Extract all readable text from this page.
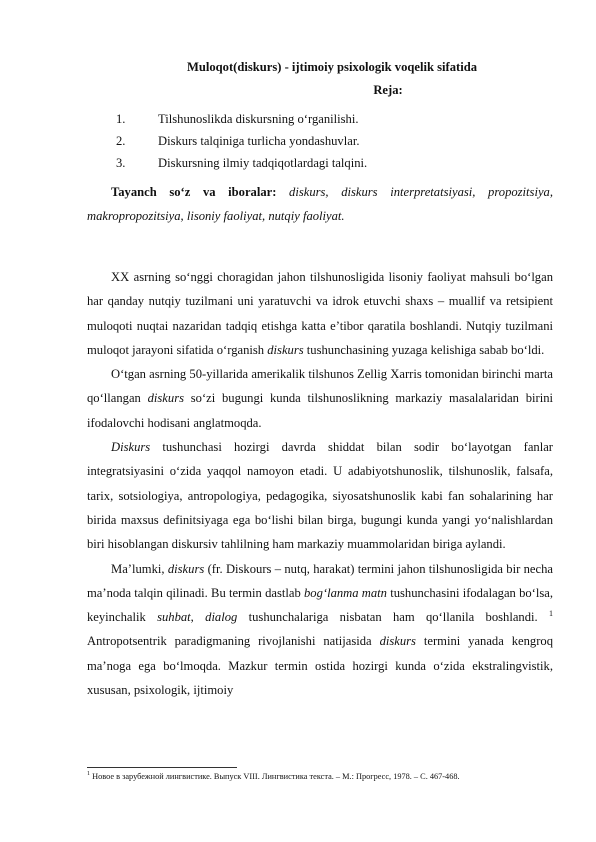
Muloqot(diskurs) - ijtimoiy psixologik voqelik sifatida
Reja:
1.	Tilshunoslikda diskursning oʻrganilishi.
2.	Diskurs talqiniga turlicha yondashuvlar.
3.	Diskursning ilmiy tadqiqotlardagi talqini.

Tayanch so‘z va iboralar: diskurs, diskurs interpretatsiyasi, propozitsiya, makropropozitsiya, lisoniy faoliyat, nutqiy faoliyat.

XX asrning soʻnggi choragidan jahon tilshunosligida lisoniy faoliyat mahsuli boʻlgan har qanday nutqiy tuzilmani uni yaratuvchi va idrok etuvchi shaxs – muallif va retsipient muloqoti nuqtai nazaridan tadqiq etishga katta e’tibor qaratila boshlandi. Nutqiy tuzilmani muloqot jarayoni sifatida oʻrganish diskurs tushunchasining yuzaga kelishiga sabab boʻldi.

Oʻtgan asrning 50-yillarida amerikalik tilshunos Zellig Xarris tomonidan birinchi marta qoʻllangan diskurs soʻzi bugungi kunda tilshunoslikning markaziy masalalaridan birini ifodalovchi hodisani anglatmoqda.

Diskurs tushunchasi hozirgi davrda shiddat bilan sodir boʻlayotgan fanlar integratsiyasini oʻzida yaqqol namoyon etadi. U adabiyotshunoslik, tilshunoslik, falsafa, tarix, sotsiologiya, antropologiya, pedagogika, siyosatshunoslik kabi fan sohalarining har birida maxsus definitsiyaga ega boʻlishi bilan birga, bugungi kunda yangi yoʻnalishlardan biri hisoblangan diskursiv tahlilning ham markaziy muammolaridan biriga aylandi.

Ma’lumki, diskurs (fr. Diskours – nutq, harakat) termini jahon tilshunosligida bir necha ma’noda talqin qilinadi. Bu termin dastlab bog‘lanma matn tushunchasini ifodalagan boʻlsa, keyinchalik suhbat, dialog tushunchalariga nisbatan ham qoʻllanila boshlandi. $^1$ Antropotsentrik paradigmaning rivojlanishi natijasida diskurs termini yanada kengroq ma’noga ega boʻlmoqda. Mazkur termin ostida hozirgi kunda oʻzida ekstralingvistik, xususan, psixologik, ijtimoiy

$^1$ Новое в зарубежной лингвистике. Выпуск VIII. Лингвистика текста. – М.: Прогресс, 1978. – С. 467-468.
